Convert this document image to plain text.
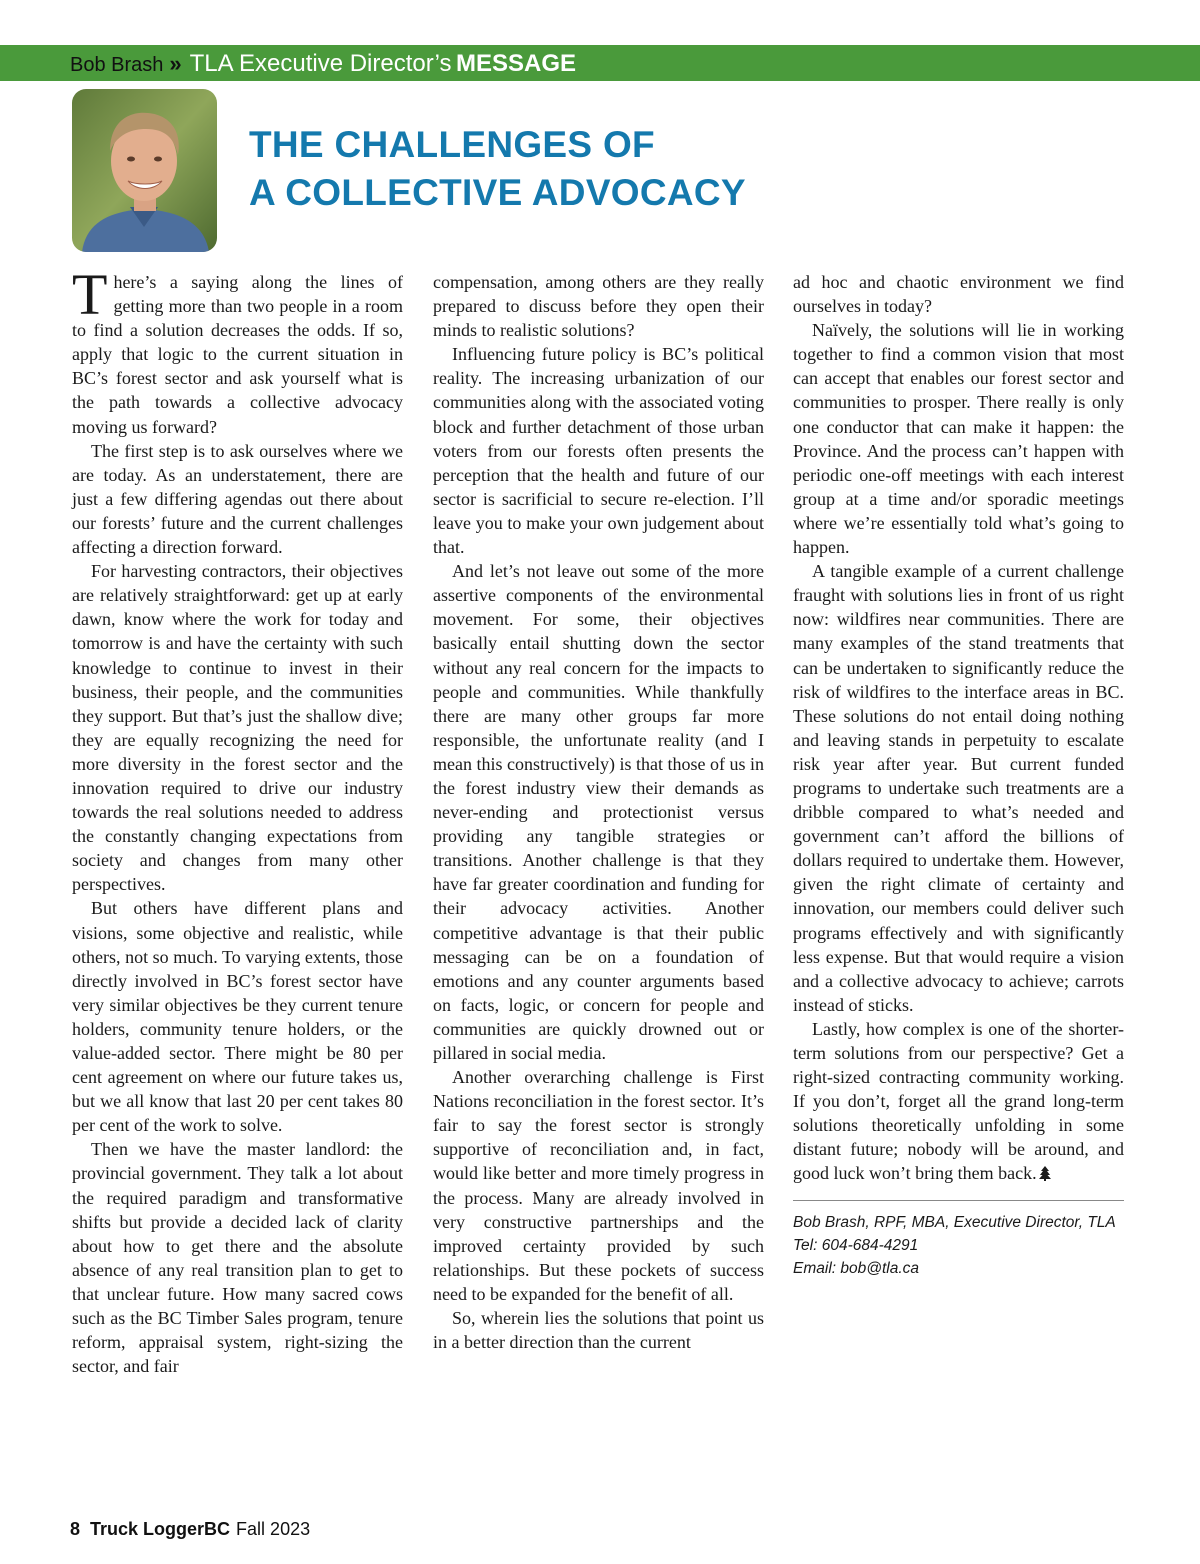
Bob Brash » TLA Executive Director’s MESSAGE
THE CHALLENGES OF
A COLLECTIVE ADVOCACY

There’s a saying along the lines of getting more than two people in a room to find a solution decreases the odds. If so, apply that logic to the current situation in BC’s forest sector and ask yourself what is the path towards a collective advocacy moving us forward?

The first step is to ask ourselves where we are today. As an understatement, there are just a few differing agendas out there about our forests’ future and the current challenges affecting a direction forward.

For harvesting contractors, their objectives are relatively straightforward: get up at early dawn, know where the work for today and tomorrow is and have the certainty with such knowledge to continue to invest in their business, their people, and the communities they support. But that’s just the shallow dive; they are equally recognizing the need for more diversity in the forest sector and the innovation required to drive our industry towards the real solutions needed to address the constantly changing expectations from society and changes from many other perspectives.

But others have different plans and visions, some objective and realistic, while others, not so much. To varying extents, those directly involved in BC’s forest sector have very similar objectives be they current tenure holders, community tenure holders, or the value-added sector. There might be 80 per cent agreement on where our future takes us, but we all know that last 20 per cent takes 80 per cent of the work to solve.

Then we have the master landlord: the provincial government. They talk a lot about the required paradigm and transformative shifts but provide a decided lack of clarity about how to get there and the absolute absence of any real transition plan to get to that unclear future. How many sacred cows such as the BC Timber Sales program, tenure reform, appraisal system, right-sizing the sector, and fair

compensation, among others are they really prepared to discuss before they open their minds to realistic solutions?

Influencing future policy is BC’s political reality. The increasing urbanization of our communities along with the associated voting block and further detachment of those urban voters from our forests often presents the perception that the health and future of our sector is sacrificial to secure re-election. I’ll leave you to make your own judgement about that.

And let’s not leave out some of the more assertive components of the environmental movement. For some, their objectives basically entail shutting down the sector without any real concern for the impacts to people and communities. While thankfully there are many other groups far more responsible, the unfortunate reality (and I mean this constructively) is that those of us in the forest industry view their demands as never-ending and protectionist versus providing any tangible strategies or transitions. Another challenge is that they have far greater coordination and funding for their advocacy activities. Another competitive advantage is that their public messaging can be on a foundation of emotions and any counter arguments based on facts, logic, or concern for people and communities are quickly drowned out or pillared in social media.

Another overarching challenge is First Nations reconciliation in the forest sector. It’s fair to say the forest sector is strongly supportive of reconciliation and, in fact, would like better and more timely progress in the process. Many are already involved in very constructive partnerships and the improved certainty provided by such relationships. But these pockets of success need to be expanded for the benefit of all.

So, wherein lies the solutions that point us in a better direction than the current

ad hoc and chaotic environment we find ourselves in today?

Naïvely, the solutions will lie in working together to find a common vision that most can accept that enables our forest sector and communities to prosper. There really is only one conductor that can make it happen: the Province. And the process can’t happen with periodic one-off meetings with each interest group at a time and/or sporadic meetings where we’re essentially told what’s going to happen.

A tangible example of a current challenge fraught with solutions lies in front of us right now: wildfires near communities. There are many examples of the stand treatments that can be undertaken to significantly reduce the risk of wildfires to the interface areas in BC. These solutions do not entail doing nothing and leaving stands in perpetuity to escalate risk year after year. But current funded programs to undertake such treatments are a dribble compared to what’s needed and government can’t afford the billions of dollars required to undertake them. However, given the right climate of certainty and innovation, our members could deliver such programs effectively and with significantly less expense. But that would require a vision and a collective advocacy to achieve; carrots instead of sticks.

Lastly, how complex is one of the shorter-term solutions from our perspective? Get a right-sized contracting community working. If you don’t, forget all the grand long-term solutions theoretically unfolding in some distant future; nobody will be around, and good luck won’t bring them back.

Bob Brash, RPF, MBA, Executive Director, TLA
Tel: 604-684-4291
Email: bob@tla.ca
8 Truck LoggerBC Fall 2023
